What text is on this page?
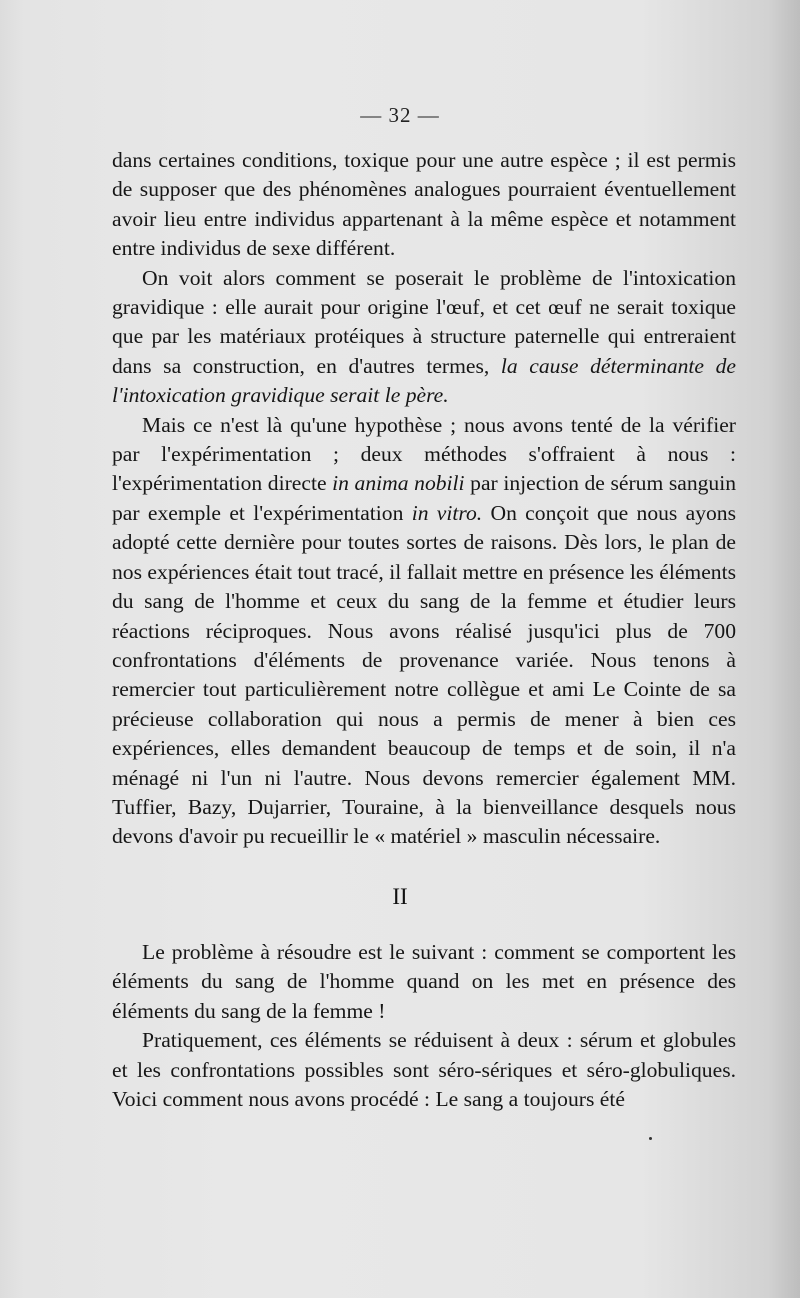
— 32 —

dans certaines conditions, toxique pour une autre espèce ; il est permis de supposer que des phénomènes analogues pourraient éventuellement avoir lieu entre individus appartenant à la même espèce et notamment entre individus de sexe différent.

On voit alors comment se poserait le problème de l'intoxication gravidique : elle aurait pour origine l'œuf, et cet œuf ne serait toxique que par les matériaux protéiques à structure paternelle qui entreraient dans sa construction, en d'autres termes, la cause déterminante de l'intoxication gravidique serait le père.

Mais ce n'est là qu'une hypothèse ; nous avons tenté de la vérifier par l'expérimentation ; deux méthodes s'offraient à nous : l'expérimentation directe in anima nobili par injection de sérum sanguin par exemple et l'expérimentation in vitro. On conçoit que nous ayons adopté cette dernière pour toutes sortes de raisons. Dès lors, le plan de nos expériences était tout tracé, il fallait mettre en présence les éléments du sang de l'homme et ceux du sang de la femme et étudier leurs réactions réciproques. Nous avons réalisé jusqu'ici plus de 700 confrontations d'éléments de provenance variée. Nous tenons à remercier tout particulièrement notre collègue et ami Le Cointe de sa précieuse collaboration qui nous a permis de mener à bien ces expériences, elles demandent beaucoup de temps et de soin, il n'a ménagé ni l'un ni l'autre. Nous devons remercier également MM. Tuffier, Bazy, Dujarrier, Touraine, à la bienveillance desquels nous devons d'avoir pu recueillir le « matériel » masculin nécessaire.

II

Le problème à résoudre est le suivant : comment se comportent les éléments du sang de l'homme quand on les met en présence des éléments du sang de la femme !

Pratiquement, ces éléments se réduisent à deux : sérum et globules et les confrontations possibles sont séro-sériques et séro-globuliques. Voici comment nous avons procédé : Le sang a toujours été
